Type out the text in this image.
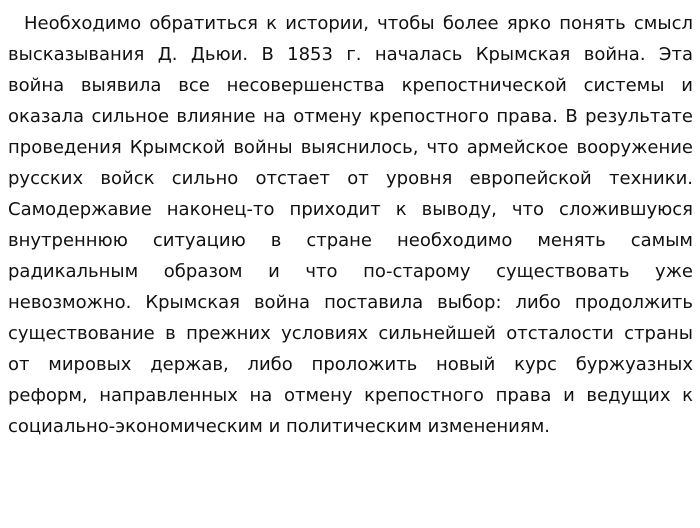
Необходимо обратиться к истории, чтобы более ярко понять смысл
высказывания Д. Дьюи. В 1853 г. началась Крымская война. Эта
война выявила все несовершенства крепостнической системы и
оказала сильное влияние на отмену крепостного права. В результате
проведения Крымской войны выяснилось, что армейское вооружение
русских войск сильно отстает от уровня европейской техники.
Самодержавие наконец-то приходит к выводу, что сложившуюся
внутреннюю ситуацию в стране необходимо менять самым
радикальным образом и что по-старому существовать уже
невозможно. Крымская война поставила выбор: либо продолжить
существование в прежних условиях сильнейшей отсталости страны
от мировых держав, либо проложить новый курс буржуазных
реформ, направленных на отмену крепостного права и ведущих к
социально-экономическим и политическим изменениям.
